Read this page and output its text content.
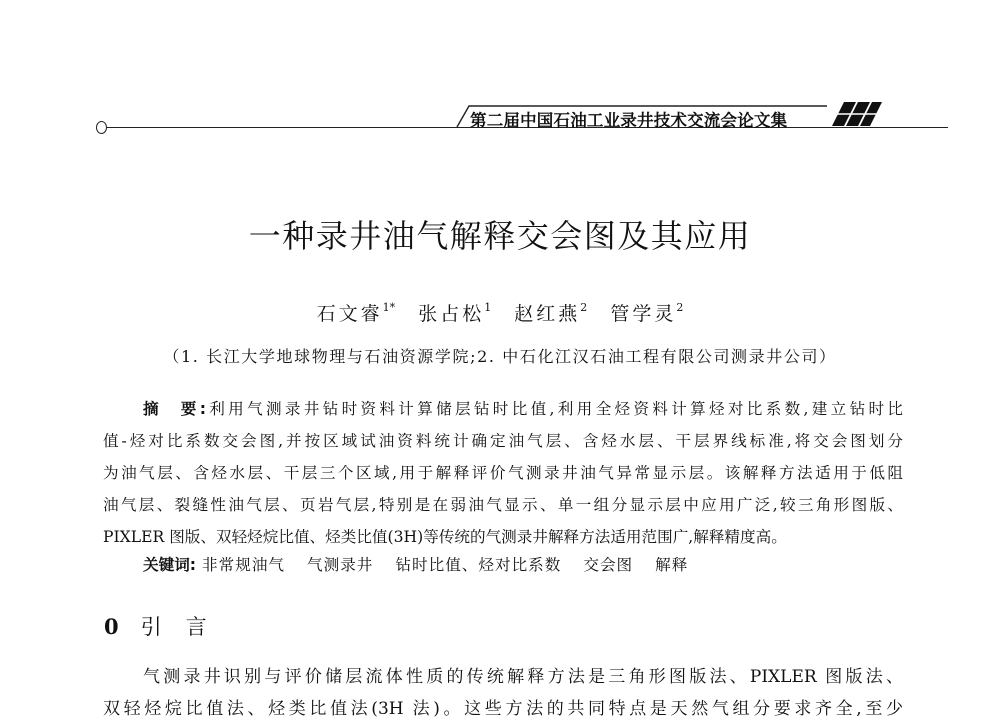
第二届中国石油工业录井技术交流会论文集
一种录井油气解释交会图及其应用
石文睿$^{1*}$ 张占松$^1$ 赵红燕$^2$ 管学灵$^2$
（1. 长江大学地球物理与石油资源学院;2. 中石化江汉石油工程有限公司测录井公司）
摘　要:利用气测录井钻时资料计算储层钻时比值,利用全烃资料计算烃对比系数,建立钻时比
值-烃对比系数交会图,并按区域试油资料统计确定油气层、含烃水层、干层界线标准,将交会图划分
为油气层、含烃水层、干层三个区域,用于解释评价气测录井油气异常显示层。该解释方法适用于低阻
油气层、裂缝性油气层、页岩气层,特别是在弱油气显示、单一组分显示层中应用广泛,较三角形图版、
PIXLER 图版、双轻烃烷比值、烃类比值(3H)等传统的气测录井解释方法适用范围广,解释精度高。
关键词: 非常规油气 气测录井 钻时比值、烃对比系数 交会图 解释
0 引言
气测录井识别与评价储层流体性质的传统解释方法是三角形图版法、PIXLER 图版法、
双轻烃烷比值法、烃类比值法(3H 法)。这些方法的共同特点是天然气组分要求齐全,至少
